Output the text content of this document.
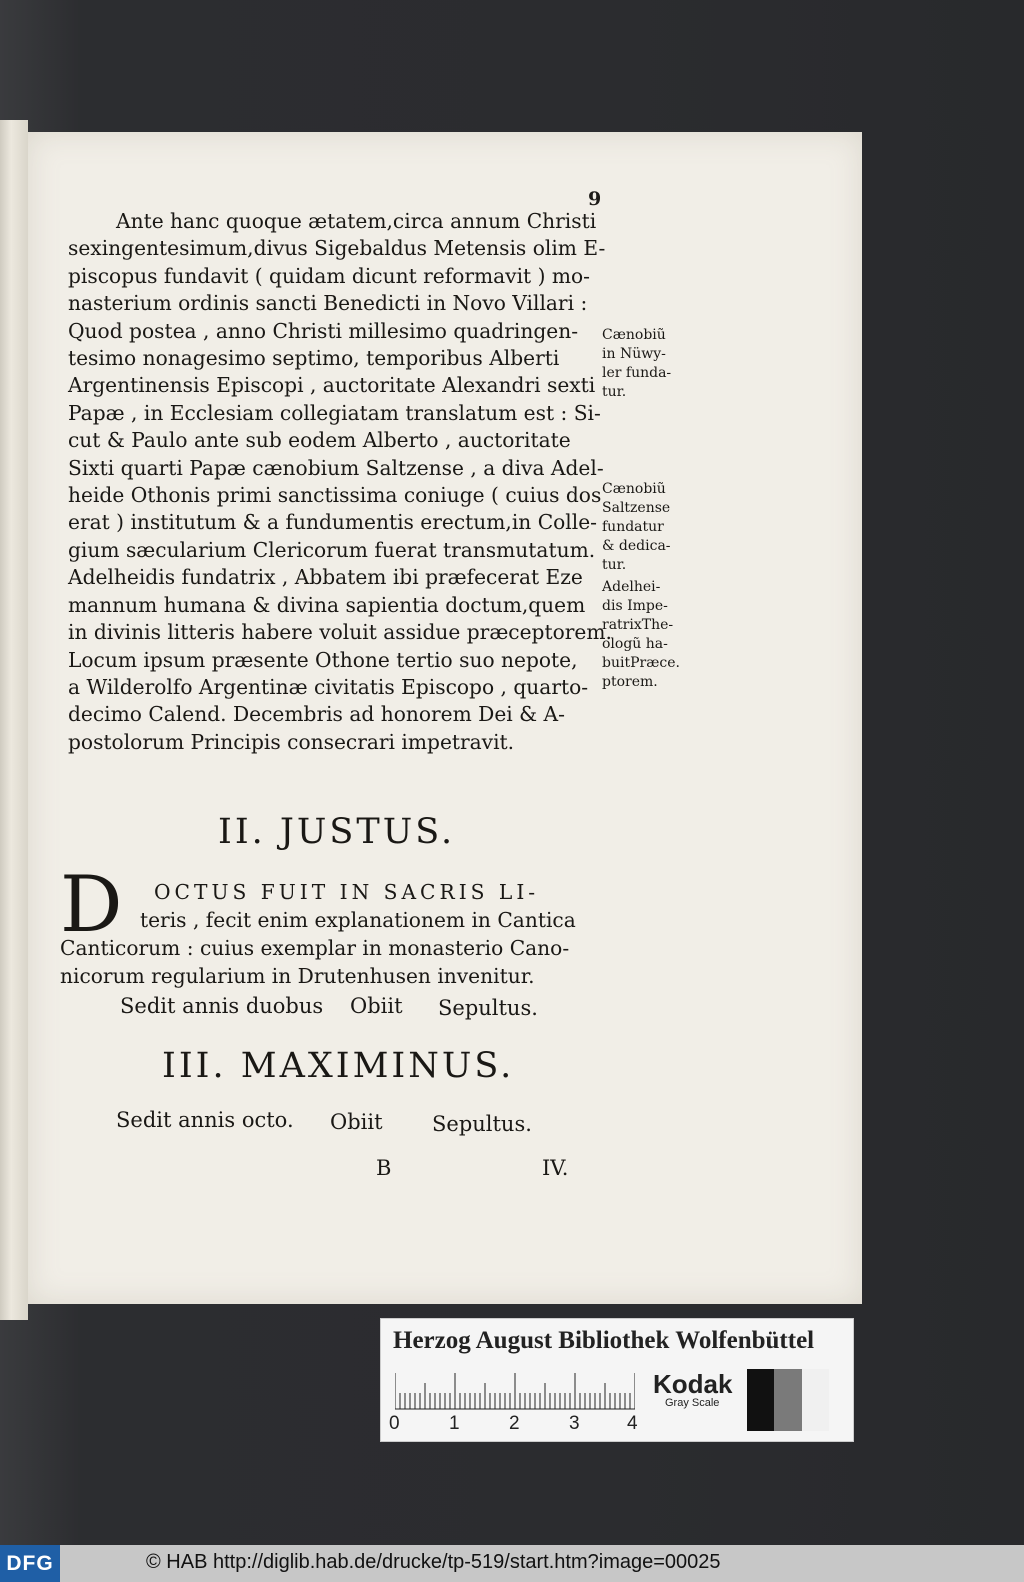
9
Ante hanc quoque ætatem,circa annum Christi
sexingentesimum,divus Sigebaldus Metensis olim E-
piscopus fundavit ( quidam dicunt reformavit ) mo-
nasterium ordinis sancti Benedicti in Novo Villari :
Quod postea , anno Christi millesimo quadringen-
tesimo nonagesimo septimo, temporibus Alberti
Argentinensis Episcopi , auctoritate Alexandri sexti
Papæ , in Ecclesiam collegiatam translatum est : Si-
cut & Paulo ante sub eodem Alberto , auctoritate
Sixti quarti Papæ cænobium Saltzense , a diva Adel-
heide Othonis primi sanctissima coniuge ( cuius dos
erat ) institutum & a fundumentis erectum,in Colle-
gium sæcularium Clericorum fuerat transmutatum.
Adelheidis fundatrix , Abbatem ibi præfecerat Eze
mannum humana & divina sapientia doctum,quem
in divinis litteris habere voluit assidue præceptorem.
Locum ipsum præsente Othone tertio suo nepote,
a Wilderolfo Argentinæ civitatis Episcopo , quarto-
decimo Calend. Decembris ad honorem Dei & A-
postolorum Principis consecrari impetravit.
Cænobiũ
in Nüwy-
ler funda-
tur.
Cænobiũ
Saltzense
fundatur
& dedica-
tur.
Adelhei-
dis Impe-
ratrixThe-
ologũ ha-
buitPræce.
ptorem.
II. JUSTUS.
D	OCTUS FUIT IN SACRIS LI-
teris , fecit enim explanationem in Cantica
Canticorum : cuius exemplar in monasterio Cano-
nicorum regularium in Drutenhusen invenitur.
Sedit annis duobus Obiit Sepultus.
III. MAXIMINUS.
Sedit annis octo. Obiit Sepultus.
B	IV.
Herzog August Bibliothek Wolfenbüttel
0	1	2	3 4
Kodak
Gray Scale
DFG	© HAB http://diglib.hab.de/drucke/tp-519/start.htm?image=00025
